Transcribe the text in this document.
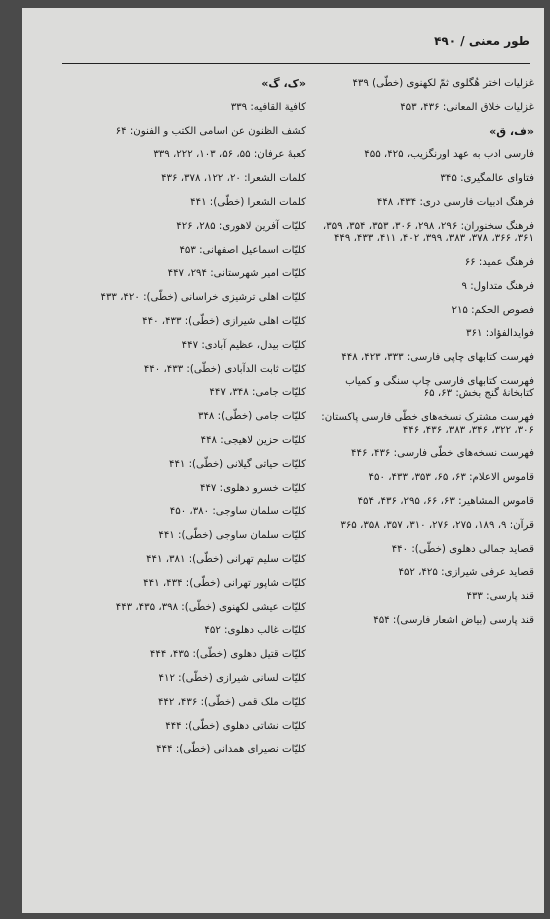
طور معنی / ۴۹۰
غزلیات اختر هُگلوی ثمّ لکهنوی (خطّی) ۴۳۹
غزلیات خلاق المعانی: ۴۳۶، ۴۵۳
«ف، ق»
فارسی ادب به عهد اورنگزیب، ۴۲۵، ۴۵۵
فتاوای عالمگیری: ۳۴۵
فرهنگ ادبیات فارسی دری: ۴۳۴، ۴۴۸
فرهنگ سخنوران: ۲۹۶، ۲۹۸، ۳۰۶، ۳۵۳، ۳۵۴، ۳۵۹، ۳۶۱، ۳۶۶، ۳۷۸، ۳۸۳، ۳۹۹، ۴۰۲، ۴۱۱، ۴۳۳، ۴۴۹
فرهنگ عمید: ۶۶
فرهنگ متداول: ۹
فصوص الحکم: ۲۱۵
فوایدالفؤاد: ۳۶۱
فهرست کتابهای چاپی فارسی: ۳۳۳، ۴۲۳، ۴۴۸
فهرست کتابهای فارسی چاپ سنگی و کمیاب کتابخانهٔ گنج بخش: ۶۳، ۶۵
فهرست مشترک نسخه‌های خطّی فارسی پاکستان: ۳۰۶، ۳۲۲، ۳۴۶، ۳۸۳، ۴۳۶، ۴۴۶
فهرست نسخه‌های خطّی فارسی: ۴۳۶، ۴۴۶
قاموس الاعلام: ۶۳، ۶۵، ۳۵۳، ۴۳۳، ۴۵۰
قاموس المشاهیر: ۶۳، ۶۶، ۲۹۵، ۴۳۶، ۴۵۴
قرآن: ۹، ۱۸۹، ۲۷۵، ۲۷۶، ۳۱۰، ۳۵۷، ۳۵۸، ۳۶۵
قصاید جمالی دهلوی (خطّی): ۴۴۰
قصاید عرفی شیرازی: ۴۲۵، ۴۵۲
قند پارسی: ۴۳۳
قند پارسی (بیاض اشعار فارسی): ۴۵۴
«ک، گ»
کافیة القافیه: ۳۳۹
کشف الظنون عن اسامی الکتب و الفنون: ۶۴
کعبهٔ عرفان: ۵۵، ۵۶، ۱۰۳، ۲۲۲، ۳۳۹
کلمات الشعرا: ۲۰، ۱۲۲، ۳۷۸، ۴۳۶
کلمات الشعرا (خطّی): ۴۴۱
کلیّات آفرین لاهوری: ۲۸۵، ۴۲۶
کلیّات اسماعیل اصفهانی: ۴۵۳
کلیّات امیر شهرستانی: ۲۹۴، ۴۴۷
کلیّات اهلی ترشیزی خراسانی (خطّی): ۴۲۰، ۴۳۳
کلیّات اهلی شیرازی (خطّی): ۴۳۳، ۴۴۰
کلیّات بیدل، عظیم آبادی: ۴۴۷
کلیّات ثابت الدآبادی (خطّی): ۴۳۳، ۴۴۰
کلیّات جامی: ۳۴۸، ۴۴۷
کلیّات جامی (خطّی): ۳۴۸
کلیّات حزین لاهیجی: ۴۴۸
کلیّات حیاتی گیلانی (خطّی): ۴۴۱
کلیّات خسرو دهلوی: ۴۴۷
کلیّات سلمان ساوجی: ۳۸۰، ۴۵۰
کلیّات سلمان ساوجی (خطّی): ۴۴۱
کلیّات سلیم تهرانی (خطّی): ۳۸۱، ۴۴۱
کلیّات شاپور تهرانی (خطّی): ۴۳۴، ۴۴۱
کلیّات عیشی لکهنوی (خطّی): ۳۹۸، ۴۳۵، ۴۴۳
کلیّات غالب دهلوی: ۴۵۲
کلیّات قتیل دهلوی (خطّی): ۴۳۵، ۴۴۴
کلیّات لسانی شیرازی (خطّی): ۴۱۲
کلیّات ملک قمی (خطّی): ۴۳۶، ۴۴۲
کلیّات نشاتی دهلوی (خطّی): ۴۴۴
کلیّات نصیرای همدانی (خطّی): ۴۴۴
